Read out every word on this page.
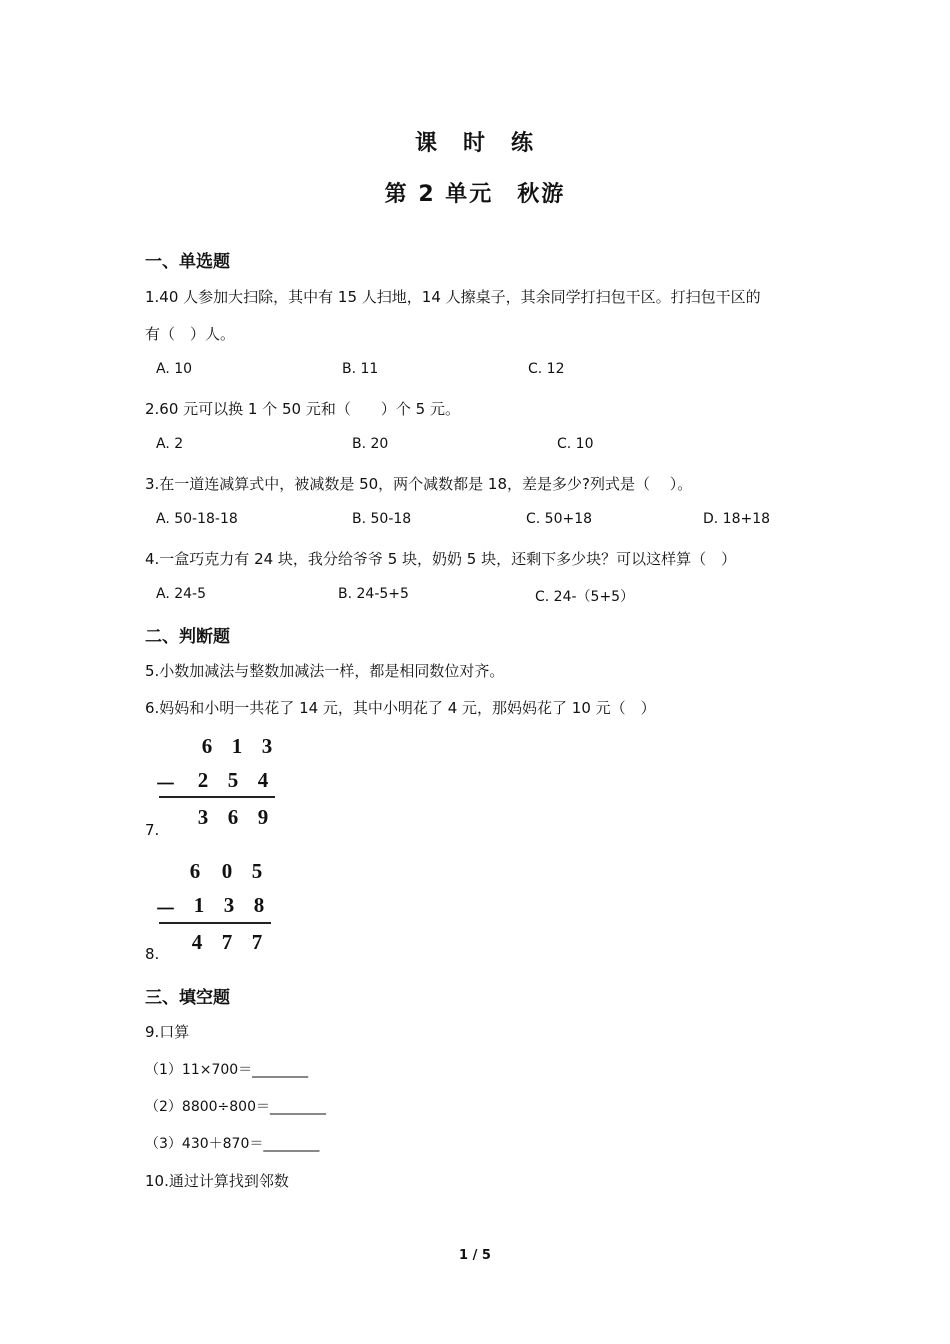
课　时　练
第 2 单元　秋游
一、单选题
1.40 人参加大扫除，其中有 15 人扫地，14 人擦桌子，其余同学打扫包干区。打扫包干区的
有（　）人。
A. 10	B. 11	C. 12
2.60 元可以换 1 个 50 元和（　　）个 5 元。
A. 2	B. 20	C. 10
3.在一道连减算式中，被减数是 50，两个减数都是 18，差是多少?列式是（　 ）。
A. 50-18-18	B. 50-18	C. 50+18	D. 18+18
4.一盒巧克力有 24 块，我分给爷爷 5 块，奶奶 5 块，还剩下多少块？可以这样算（　）
A. 24-5	B. 24-5+5	C. 24-（5+5）
二、判断题
5.小数加减法与整数加减法一样，都是相同数位对齐。
6.妈妈和小明一共花了 14 元，其中小明花了 4 元，那妈妈花了 10 元（　）
7.
6 1 3
－	2 5 4
3 6 9
8.
6	0 5
－ 1 3 8
4 7 7
三、填空题
9.口算
（1）11×700＝________
（2）8800÷800＝________
（3）430＋870＝________
10.通过计算找到邻数
1 / 5
